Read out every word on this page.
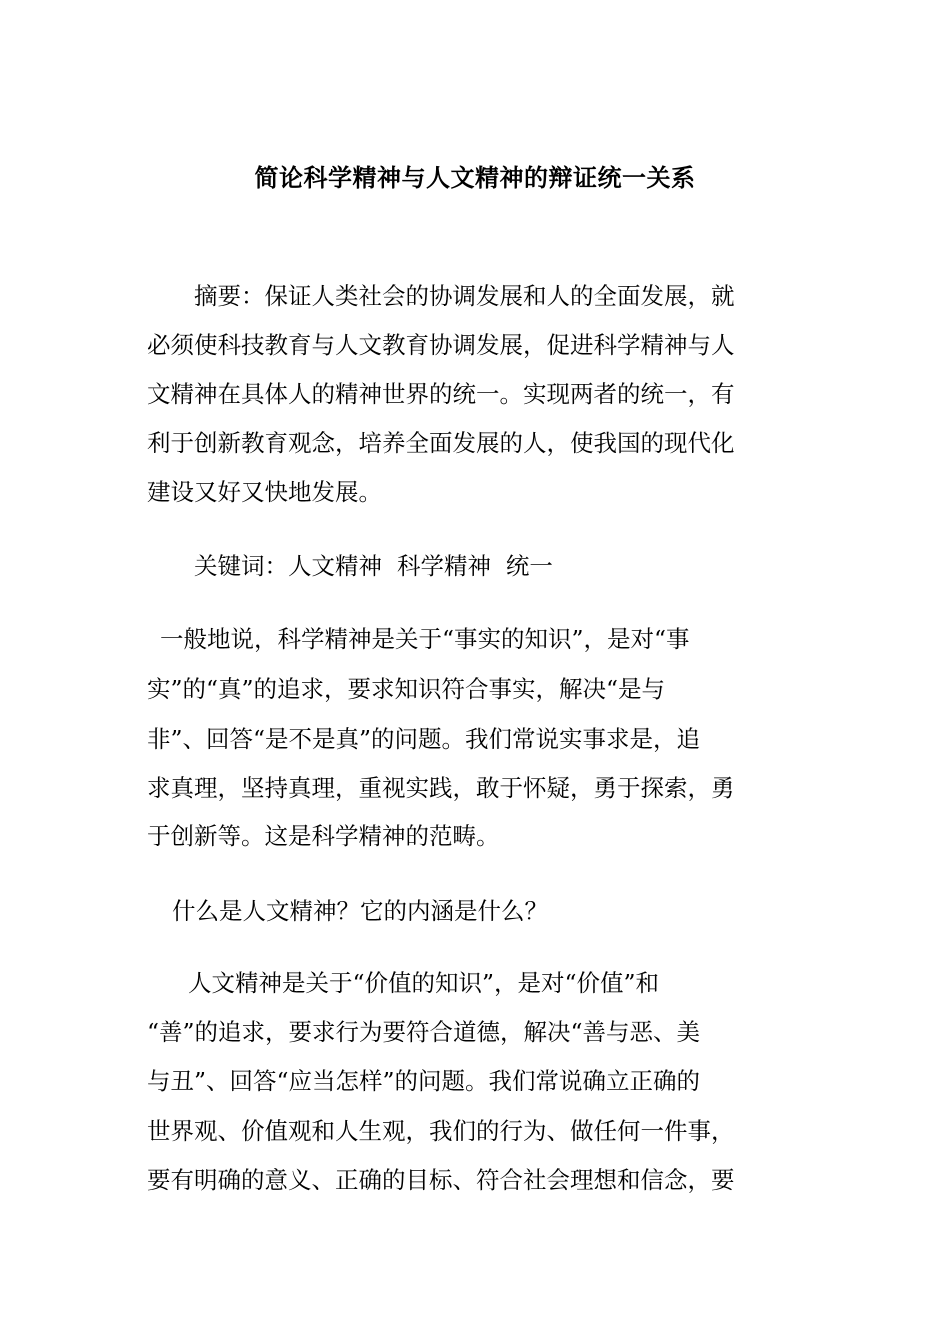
简论科学精神与人文精神的辩证统一关系
摘要：保证人类社会的协调发展和人的全面发展，就
必须使科技教育与人文教育协调发展，促进科学精神与人
文精神在具体人的精神世界的统一。实现两者的统一，有
利于创新教育观念，培养全面发展的人，使我国的现代化
建设又好又快地发展。
关键词：人文精神  科学精神  统一
一般地说，科学精神是关于“事实的知识”，是对“事
实”的“真”的追求，要求知识符合事实，解决“是与
非”、回答“是不是真”的问题。我们常说实事求是，追
求真理，坚持真理，重视实践，敢于怀疑，勇于探索，勇
于创新等。这是科学精神的范畴。
什么是人文精神？它的内涵是什么？
人文精神是关于“价值的知识”，是对“价值”和
“善”的追求，要求行为要符合道德，解决“善与恶、美
与丑”、回答“应当怎样”的问题。我们常说确立正确的
世界观、价值观和人生观，我们的行为、做任何一件事，
要有明确的意义、正确的目标、符合社会理想和信念，要
